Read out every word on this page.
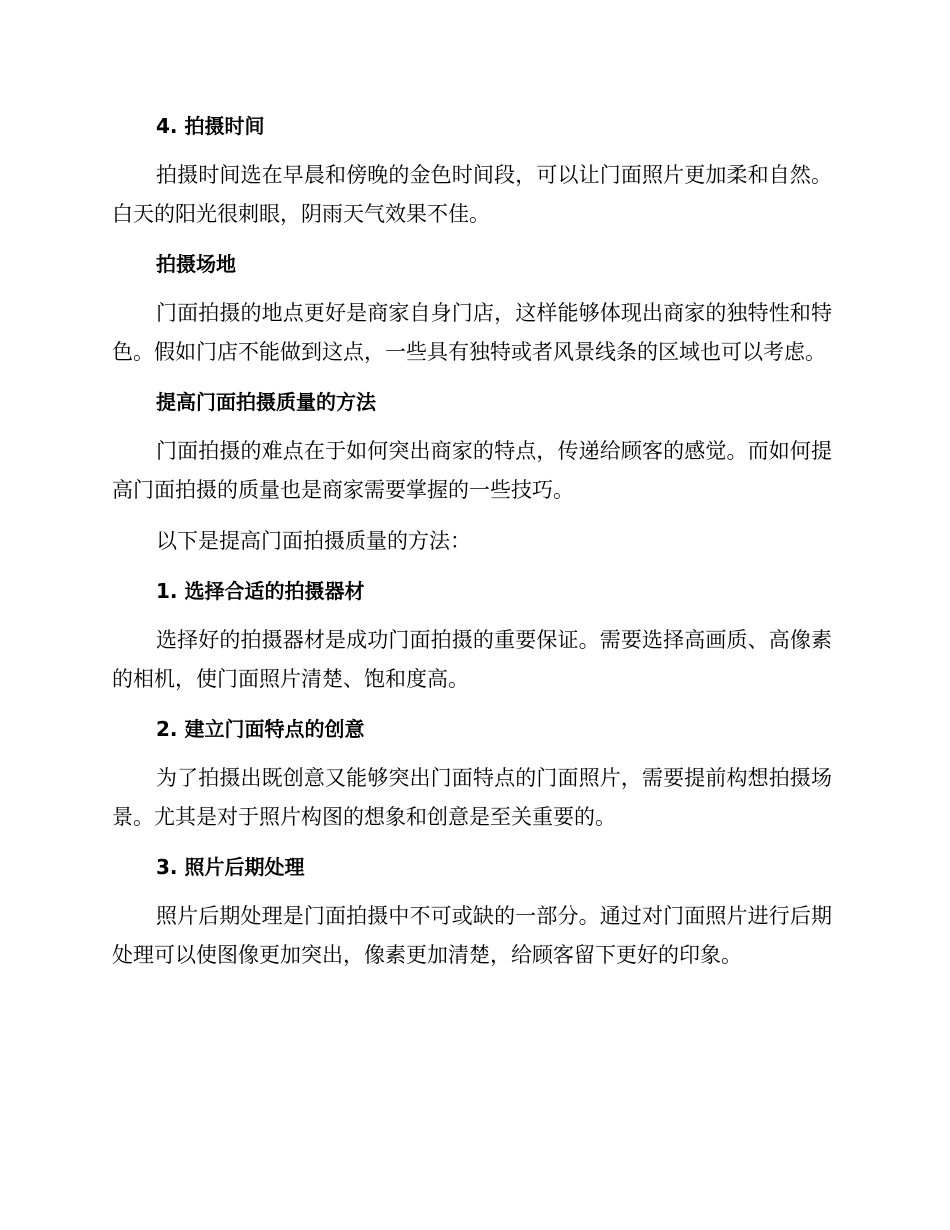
4. 拍摄时间

拍摄时间选在早晨和傍晚的金色时间段，可以让门面照片更加柔和自然。白天的阳光很刺眼，阴雨天气效果不佳。

拍摄场地

门面拍摄的地点更好是商家自身门店，这样能够体现出商家的独特性和特色。假如门店不能做到这点，一些具有独特或者风景线条的区域也可以考虑。

提高门面拍摄质量的方法

门面拍摄的难点在于如何突出商家的特点，传递给顾客的感觉。而如何提高门面拍摄的质量也是商家需要掌握的一些技巧。

以下是提高门面拍摄质量的方法：

1. 选择合适的拍摄器材

选择好的拍摄器材是成功门面拍摄的重要保证。需要选择高画质、高像素的相机，使门面照片清楚、饱和度高。

2. 建立门面特点的创意

为了拍摄出既创意又能够突出门面特点的门面照片，需要提前构想拍摄场景。尤其是对于照片构图的想象和创意是至关重要的。

3. 照片后期处理

照片后期处理是门面拍摄中不可或缺的一部分。通过对门面照片进行后期处理可以使图像更加突出，像素更加清楚，给顾客留下更好的印象。
